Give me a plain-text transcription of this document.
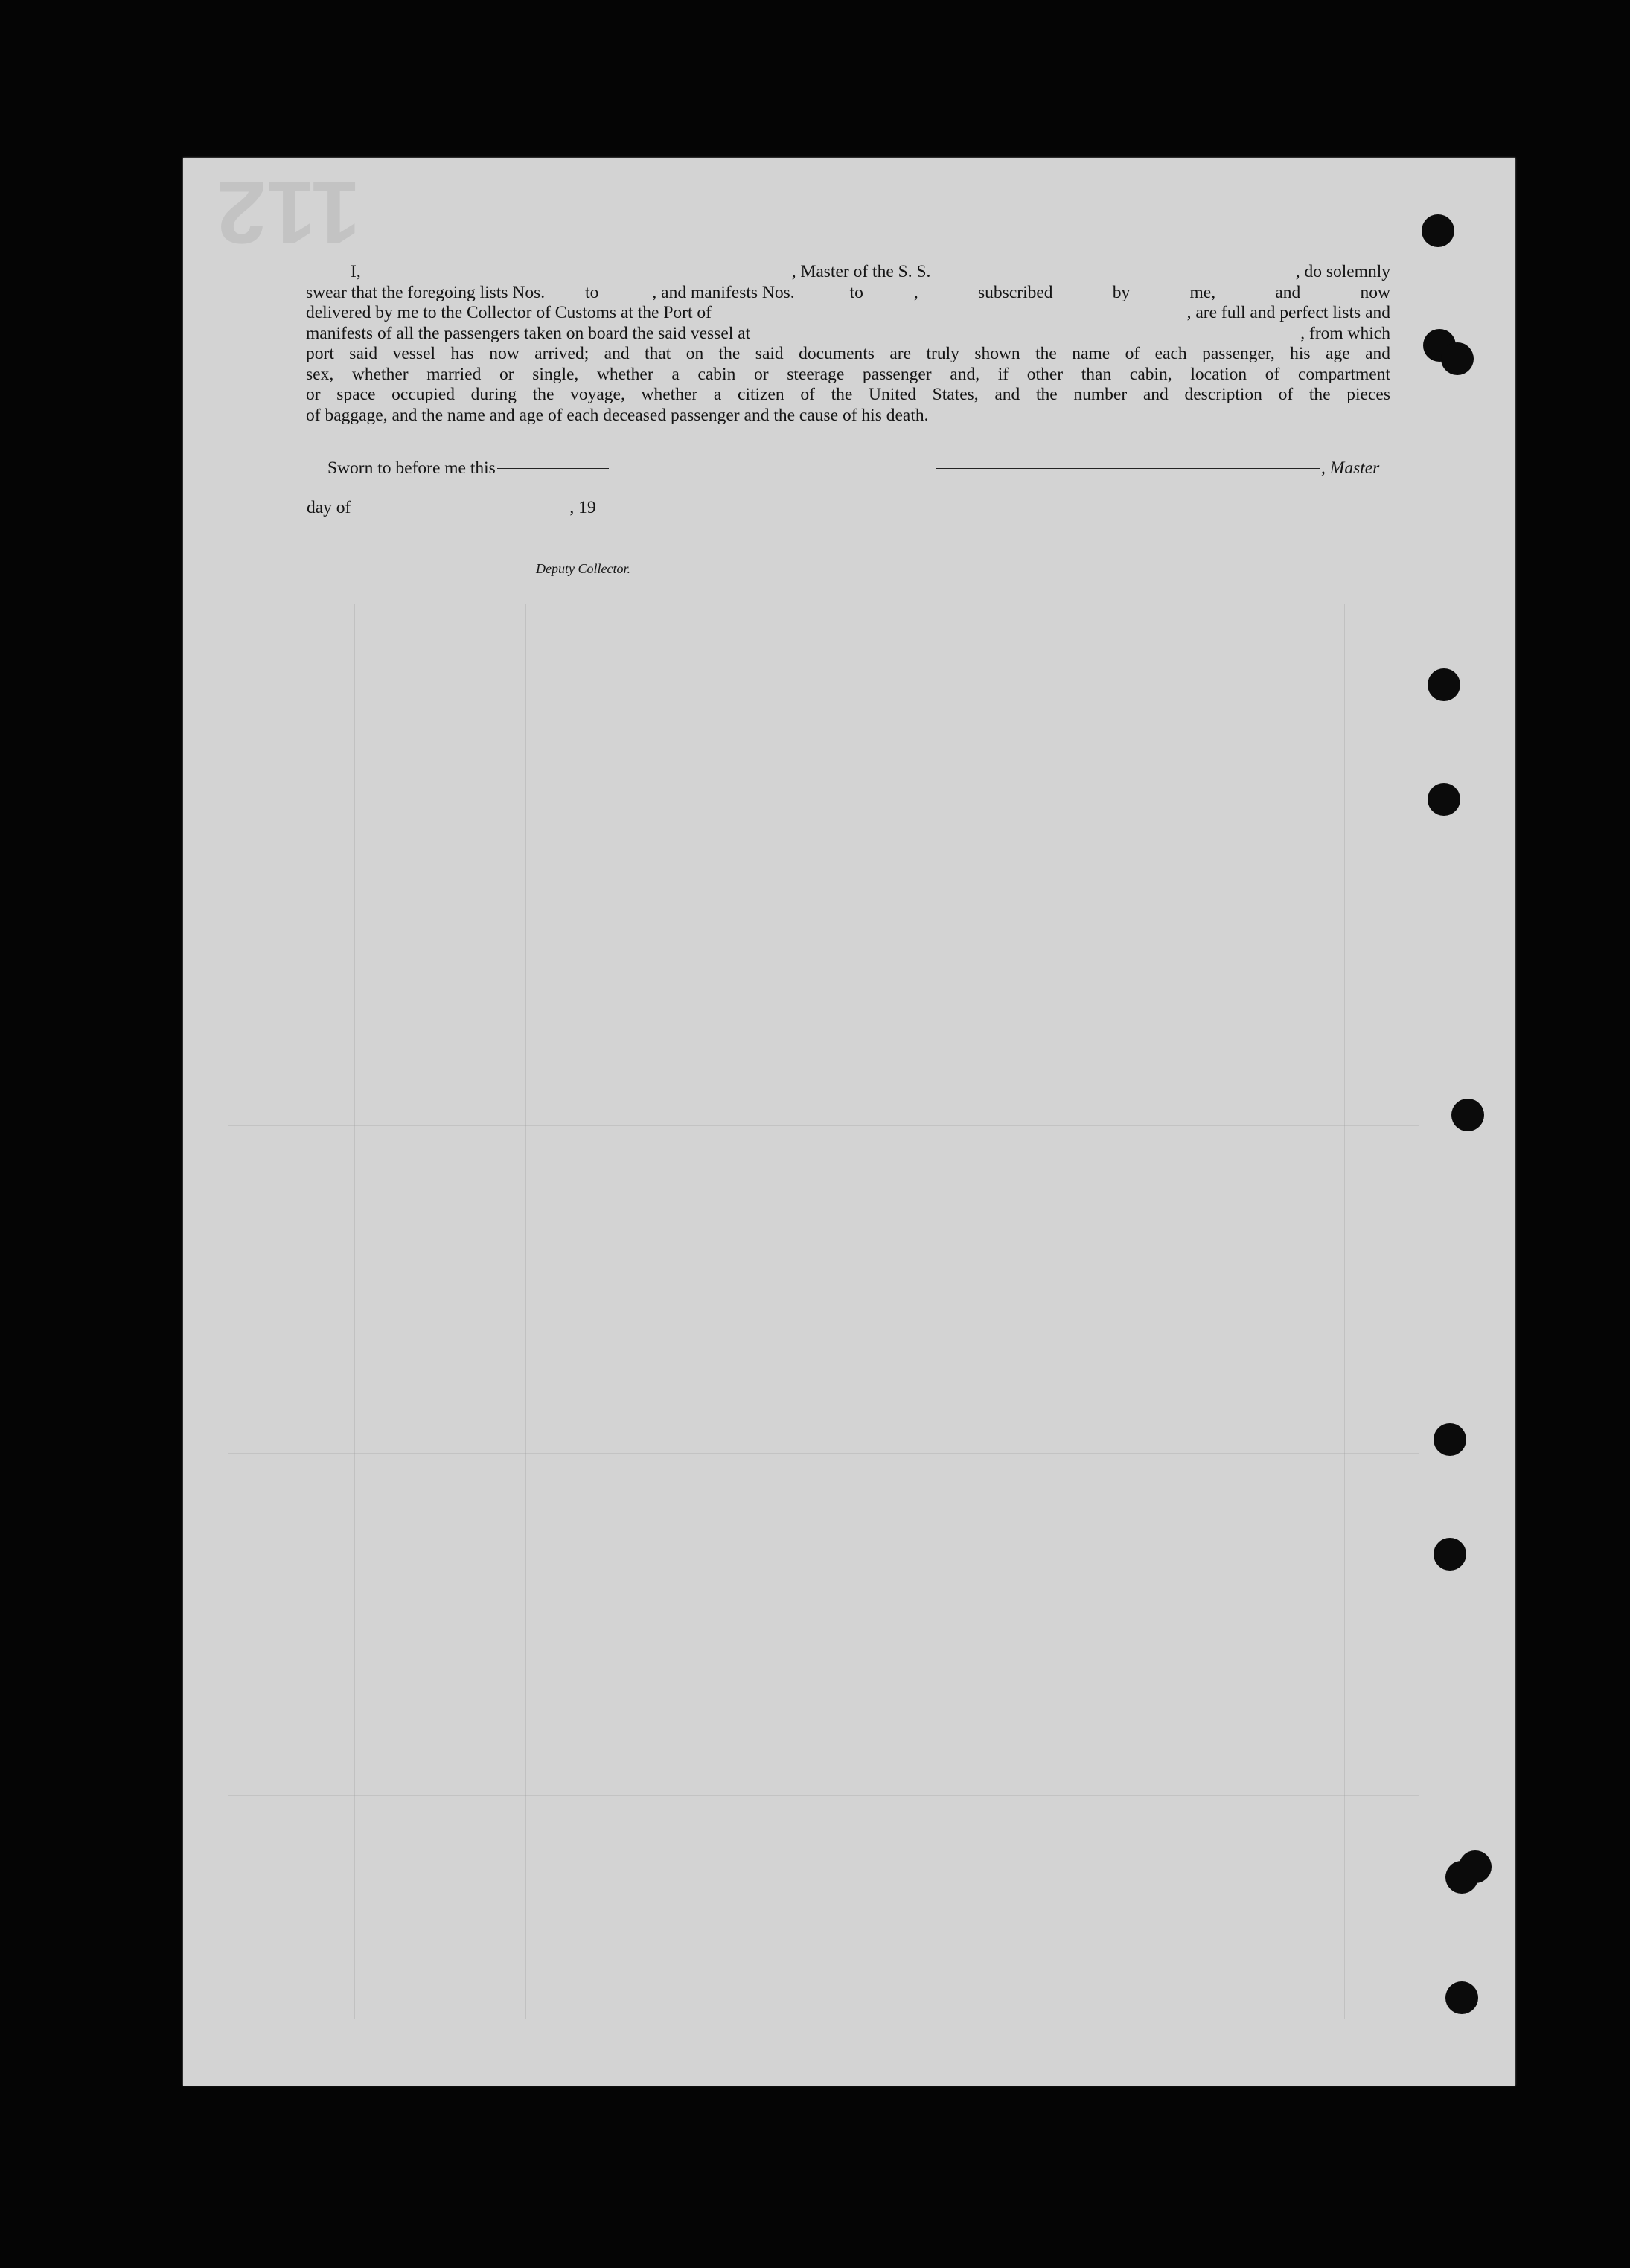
112
I,	, Master of the S. S.	, do solemnly
swear that the foregoing lists Nos. to	, and manifests Nos.	to	, subscribed by me, and now
delivered by me to the Collector of Customs at the Port of	, are full and perfect lists and
manifests of all the passengers taken on board the said vessel at	, from which
port said vessel has now arrived; and that on the said documents are truly shown the name of each passenger, his age and
sex, whether married or single, whether a cabin or steerage passenger and, if other than cabin, location of compartment
or space occupied during the voyage, whether a citizen of the United States, and the number and description of the pieces
of baggage, and the name and age of each deceased passenger and the cause of his death.
Sworn to before me this	, Master
day of	, 19
Deputy Collector.
